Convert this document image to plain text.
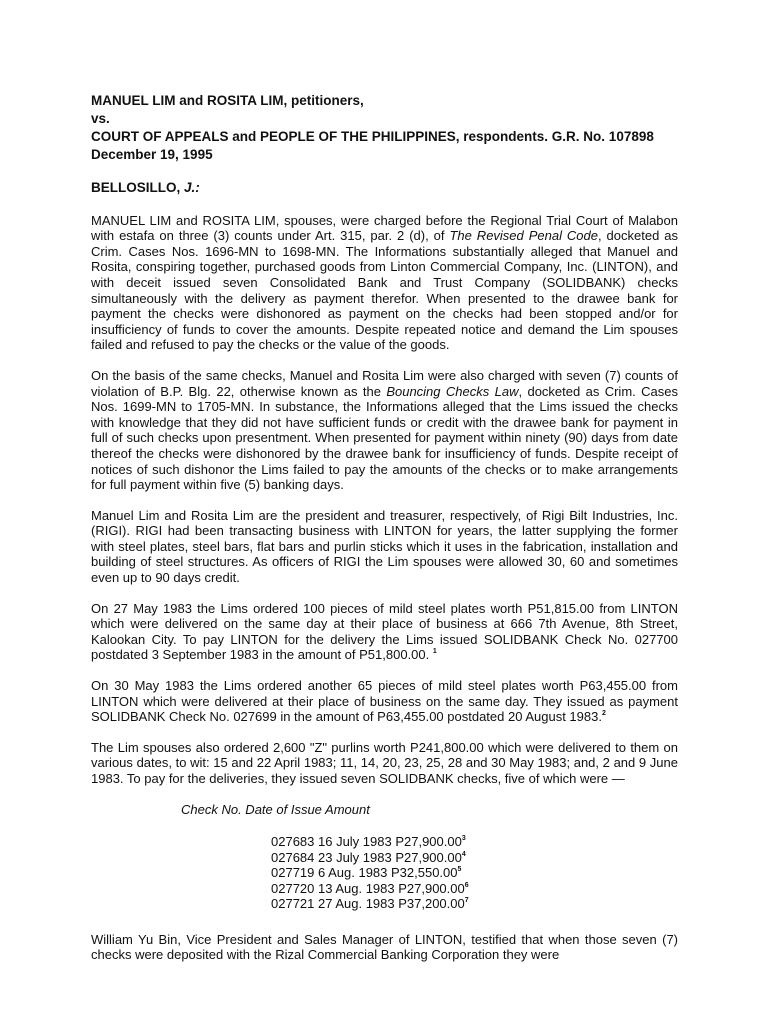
MANUEL LIM and ROSITA LIM, petitioners,
vs.
COURT OF APPEALS and PEOPLE OF THE PHILIPPINES, respondents. G.R. No. 107898 December 19, 1995
BELLOSILLO, J.:

MANUEL LIM and ROSITA LIM, spouses, were charged before the Regional Trial Court of Malabon with estafa on three (3) counts under Art. 315, par. 2 (d), of The Revised Penal Code, docketed as Crim. Cases Nos. 1696-MN to 1698-MN. The Informations substantially alleged that Manuel and Rosita, conspiring together, purchased goods from Linton Commercial Company, Inc. (LINTON), and with deceit issued seven Consolidated Bank and Trust Company (SOLIDBANK) checks simultaneously with the delivery as payment therefor. When presented to the drawee bank for payment the checks were dishonored as payment on the checks had been stopped and/or for insufficiency of funds to cover the amounts. Despite repeated notice and demand the Lim spouses failed and refused to pay the checks or the value of the goods.

On the basis of the same checks, Manuel and Rosita Lim were also charged with seven (7) counts of violation of B.P. Blg. 22, otherwise known as the Bouncing Checks Law, docketed as Crim. Cases Nos. 1699-MN to 1705-MN. In substance, the Informations alleged that the Lims issued the checks with knowledge that they did not have sufficient funds or credit with the drawee bank for payment in full of such checks upon presentment. When presented for payment within ninety (90) days from date thereof the checks were dishonored by the drawee bank for insufficiency of funds. Despite receipt of notices of such dishonor the Lims failed to pay the amounts of the checks or to make arrangements for full payment within five (5) banking days.

Manuel Lim and Rosita Lim are the president and treasurer, respectively, of Rigi Bilt Industries, Inc. (RIGI). RIGI had been transacting business with LINTON for years, the latter supplying the former with steel plates, steel bars, flat bars and purlin sticks which it uses in the fabrication, installation and building of steel structures. As officers of RIGI the Lim spouses were allowed 30, 60 and sometimes even up to 90 days credit.

On 27 May 1983 the Lims ordered 100 pieces of mild steel plates worth P51,815.00 from LINTON which were delivered on the same day at their place of business at 666 7th Avenue, 8th Street, Kalookan City. To pay LINTON for the delivery the Lims issued SOLIDBANK Check No. 027700 postdated 3 September 1983 in the amount of P51,800.00. $^1$

On 30 May 1983 the Lims ordered another 65 pieces of mild steel plates worth P63,455.00 from LINTON which were delivered at their place of business on the same day. They issued as payment SOLIDBANK Check No. 027699 in the amount of P63,455.00 postdated 20 August 1983.$^2$

The Lim spouses also ordered 2,600 "Z" purlins worth P241,800.00 which were delivered to them on various dates, to wit: 15 and 22 April 1983; 11, 14, 20, 23, 25, 28 and 30 May 1983; and, 2 and 9 June 1983. To pay for the deliveries, they issued seven SOLIDBANK checks, five of which were —

Check No. Date of Issue Amount
027683 16 July 1983 P27,900.00$^3$
027684 23 July 1983 P27,900.00$^4$
027719 6 Aug. 1983 P32,550.00$^5$
027720 13 Aug. 1983 P27,900.00$^6$
027721 27 Aug. 1983 P37,200.00$^7$

William Yu Bin, Vice President and Sales Manager of LINTON, testified that when those seven (7) checks were deposited with the Rizal Commercial Banking Corporation they were
